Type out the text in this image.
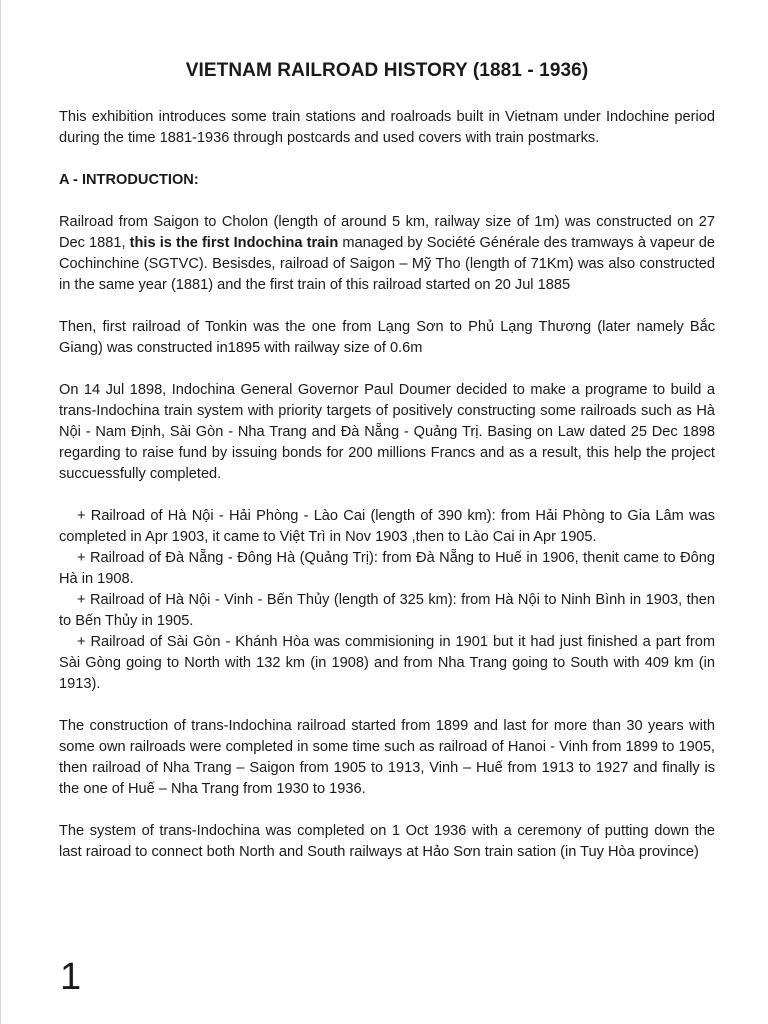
VIETNAM RAILROAD HISTORY (1881 - 1936)

This exhibition introduces some train stations and roalroads built in Vietnam under Indochine period during the time 1881-1936 through postcards and used covers with train postmarks.

A - INTRODUCTION:

Railroad from Saigon to Cholon (length of around 5 km, railway size of 1m) was constructed on 27 Dec 1881, this is the first Indochina train managed by Société Générale des tramways à vapeur de Cochinchine (SGTVC). Besisdes, railroad of Saigon – Mỹ Tho (length of 71Km) was also constructed in the same year (1881) and the first train of this railroad started on 20 Jul 1885

Then, first railroad of Tonkin was the one from Lạng Sơn to Phủ Lạng Thương (later namely Bắc Giang) was constructed in1895 with railway size of 0.6m

On 14 Jul 1898, Indochina General Governor Paul Doumer decided to make a programe to build a trans-Indochina train system with priority targets of positively constructing some railroads such as Hà Nội - Nam Định, Sài Gòn - Nha Trang and Đà Nẵng - Quảng Trị. Basing on Law dated 25 Dec 1898 regarding to raise fund by issuing bonds for 200 millions Francs and as a result, this help the project succuessfully completed.

+ Railroad of Hà Nội - Hải Phòng - Lào Cai (length of 390 km): from Hải Phòng to Gia Lâm was completed in Apr 1903, it came to Việt Trì in Nov 1903 ,then to Lào Cai in Apr 1905.

+ Railroad of Đà Nẵng - Đông Hà (Quảng Trị): from Đà Nẵng to Huế in 1906, thenit came to Đông Hà in 1908.

+ Railroad of Hà Nội - Vinh - Bến Thủy (length of 325 km): from Hà Nội to Ninh Bình in 1903, then to Bến Thủy in 1905.

+ Railroad of Sài Gòn - Khánh Hòa was commisioning in 1901 but it had just finished a part from Sài Gòng going to North with 132 km (in 1908) and from Nha Trang going to South with 409 km (in 1913).

The construction of trans-Indochina railroad started from 1899 and last for more than 30 years with some own railroads were completed in some time such as railroad of Hanoi - Vinh from 1899 to 1905, then railroad of Nha Trang – Saigon from 1905 to 1913, Vinh – Huế from 1913 to 1927 and finally is the one of Huế – Nha Trang from 1930 to 1936.

The system of trans-Indochina was completed on 1 Oct 1936 with a ceremony of putting down the last rairoad to connect both North and South railways at Hảo Sơn train sation (in Tuy Hòa province)

1
